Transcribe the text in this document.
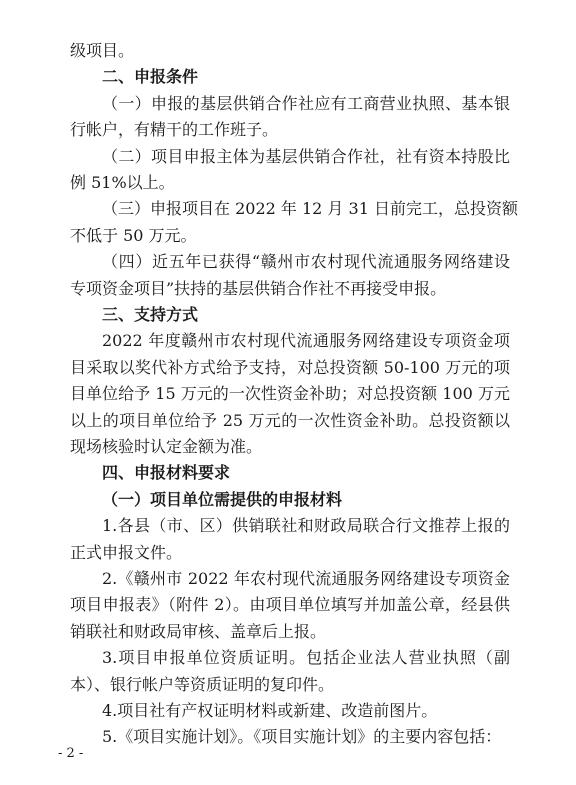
级项目。
二、申报条件
（一）申报的基层供销合作社应有工商营业执照、基本银
行帐户，有精干的工作班子。
（二）项目申报主体为基层供销合作社，社有资本持股比
例 51%以上。
（三）申报项目在 2022 年 12 月 31 日前完工，总投资额
不低于 50 万元。
（四）近五年已获得“赣州市农村现代流通服务网络建设
专项资金项目”扶持的基层供销合作社不再接受申报。
三、支持方式
2022 年度赣州市农村现代流通服务网络建设专项资金项
目采取以奖代补方式给予支持，对总投资额 50-100 万元的项
目单位给予 15 万元的一次性资金补助；对总投资额 100 万元
以上的项目单位给予 25 万元的一次性资金补助。总投资额以
现场核验时认定金额为准。
四、申报材料要求
（一）项目单位需提供的申报材料
1.各县（市、区）供销联社和财政局联合行文推荐上报的
正式申报文件。
2.《赣州市 2022 年农村现代流通服务网络建设专项资金
项目申报表》（附件 2）。由项目单位填写并加盖公章，经县供
销联社和财政局审核、盖章后上报。
3.项目申报单位资质证明。包括企业法人营业执照（副
本）、银行帐户等资质证明的复印件。
4.项目社有产权证明材料或新建、改造前图片。
5.《项目实施计划》。《项目实施计划》的主要内容包括：
- 2 -
